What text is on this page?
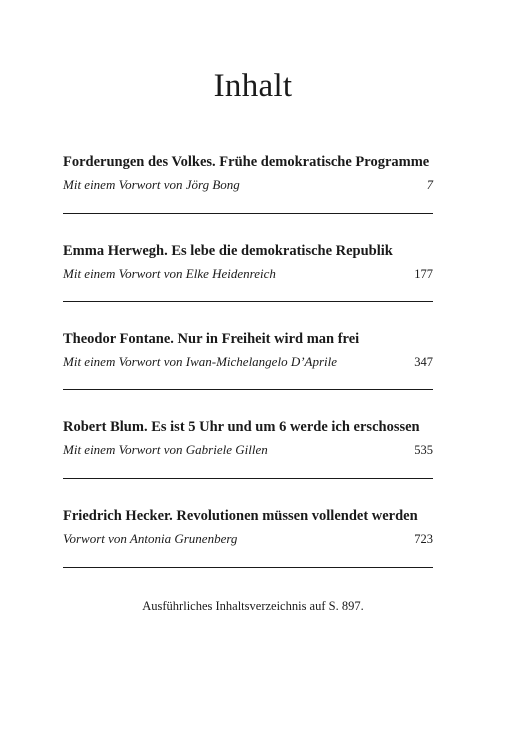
Inhalt
Forderungen des Volkes. Frühe demokratische Programme
Mit einem Vorwort von Jörg Bong	7
Emma Herwegh. Es lebe die demokratische Republik
Mit einem Vorwort von Elke Heidenreich	177
Theodor Fontane. Nur in Freiheit wird man frei
Mit einem Vorwort von Iwan-Michelangelo D’Aprile	347
Robert Blum. Es ist 5 Uhr und um 6 werde ich erschossen
Mit einem Vorwort von Gabriele Gillen	535
Friedrich Hecker. Revolutionen müssen vollendet werden
Vorwort von Antonia Grunenberg	723
Ausführliches Inhaltsverzeichnis auf S. 897.
